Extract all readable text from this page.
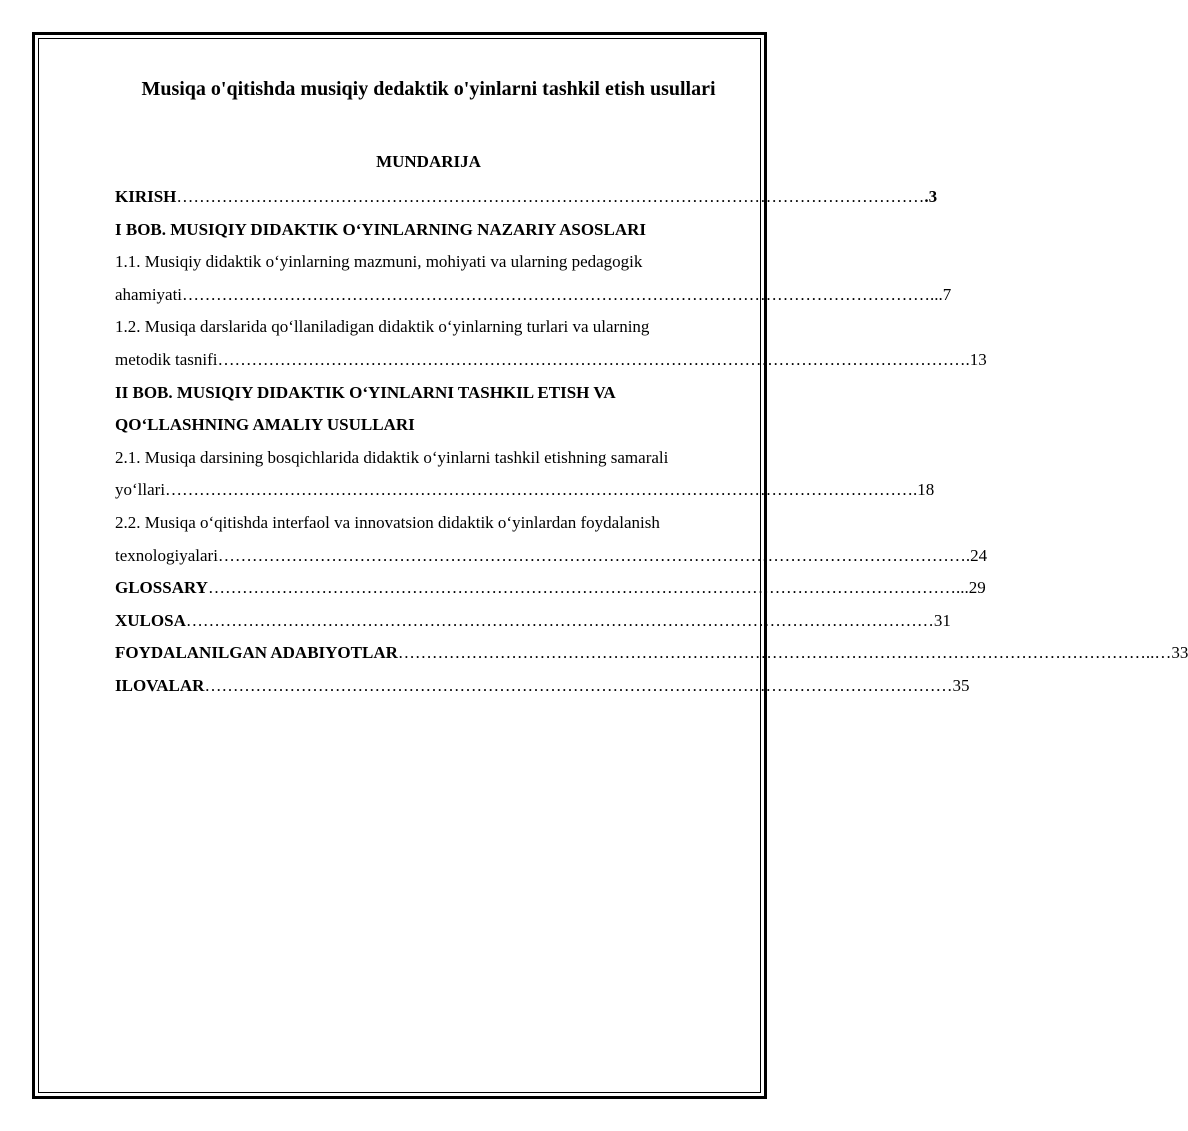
Musiqa o'qitishda musiqiy dedaktik o'yinlarni tashkil etish usullari
MUNDARIJA
KIRISH …………………………………………………………………………………………………………………… .3
I BOB. MUSIQIY DIDAKTIK O‘YINLARNING NAZARIY ASOSLARI
1.1. Musiqiy didaktik o‘yinlarning mazmuni, mohiyati va ularning pedagogik
ahamiyati …………………………………………………………………………………………………………………… ...7
1.2. Musiqa darslarida qo‘llaniladigan didaktik o‘yinlarning turlari va ularning
metodik tasnifi …………………………………………………………………………………………………………………… .13
II BOB. MUSIQIY DIDAKTIK O‘YINLARNI TASHKIL ETISH VA
QO‘LLASHNING AMALIY USULLARI
2.1. Musiqa darsining bosqichlarida didaktik o‘yinlarni tashkil etishning samarali
yo‘llari …………………………………………………………………………………………………………………… .18
2.2. Musiqa o‘qitishda interfaol va innovatsion didaktik o‘yinlardan foydalanish
texnologiyalari …………………………………………………………………………………………………………………… .24
GLOSSARY …………………………………………………………………………………………………………………… ...29
XULOSA …………………………………………………………………………………………………………………… 31
FOYDALANILGAN ADABIYOTLAR …………………………………………………………………………………………………………………… ..…33
ILOVALAR …………………………………………………………………………………………………………………… 35
